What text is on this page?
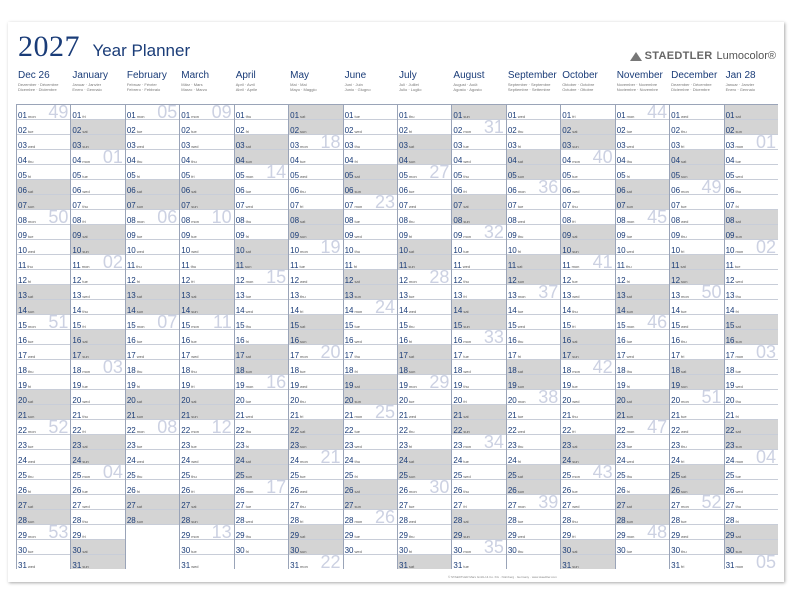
2027 Year Planner	STAEDTLER Lumocolor®
Dec 26
Dezember · Décembre
Dicembre · Diciembre
January
Januar · Janvier
Enero · Gennaio
February
Februar · Février
Febrero · Febbraio
March
März · Mars
Marzo · Marzo
April
April · Avril
Abril · Aprile
May
Mai · Mai
Mayo · Maggio
June
Juni · Juin
Junio · Giugno
July
Juli · Juillet
Julio · Luglio
August
August · Août
Agosto · Agosto
September
September · Septembre
Septiembre · Settembre
October
Oktober · Octobre
Octubre · Ottobre
November
November · Novembre
Noviembre · Novembre
December
Dezember · Décembre
Diciembre · Dicembre
Jan 28
Januar · Janvier
Enero · Gennaio
01mon 49
02tue
03wed
04thu
05fri
06sat
07sun
08mon 50
09tue
10wed
11thu
12fri
13sat
14sun
15mon 51
16tue
17wed
18thu
19fri
20sat
21sun
22mon 52
23tue
24wed
25thu
26fri
27sat
28sun
29mon 53
30tue
31wed
01fri
02sat
03sun
04mon 01
05tue
06wed
07thu
08fri
09sat
10sun
11mon 02
12tue
13wed
14thu
15fri
16sat
17sun
18mon 03
19tue
20wed
21thu
22fri
23sat
24sun
25mon 04
26tue
27wed
28thu
29fri
30sat
31sun
01mon 05
02tue
03wed
04thu
05fri
06sat
07sun
08mon 06
09tue
10wed
11thu
12fri
13sat
14sun
15mon 07
16tue
17wed
18thu
19fri
20sat
21sun
22mon 08
23tue
24wed
25thu
26fri
27sat
28sun
01mon 09
02tue
03wed
04thu
05fri
06sat
07sun
08mon 10
09tue
10wed
11thu
12fri
13sat
14sun
15mon 11
16tue
17wed
18thu
19fri
20sat
21sun
22mon 12
23tue
24wed
25thu
26fri
27sat
28sun
29mon 13
30tue
31wed
01thu
02fri
03sat
04sun
05mon 14
06tue
07wed
08thu
09fri
10sat
11sun
12mon 15
13tue
14wed
15thu
16fri
17sat
18sun
19mon 16
20tue
21wed
22thu
23fri
24sat
25sun
26mon 17
27tue
28wed
29thu
30fri
01sat
02sun
03mon 18
04tue
05wed
06thu
07fri
08sat
09sun
10mon 19
11tue
12wed
13thu
14fri
15sat
16sun
17mon 20
18tue
19wed
20thu
21fri
22sat
23sun
24mon 21
25tue
26wed
27thu
28fri
29sat
30sun
31mon 22
01tue
02wed
03thu
04fri
05sat
06sun
07mon 23
08tue
09wed
10thu
11fri
12sat
13sun
14mon 24
15tue
16wed
17thu
18fri
19sat
20sun
21mon 25
22tue
23wed
24thu
25fri
26sat
27sun
28mon 26
29tue
30wed
01thu
02fri
03sat
04sun
05mon 27
06tue
07wed
08thu
09fri
10sat
11sun
12mon 28
13tue
14wed
15thu
16fri
17sat
18sun
19mon 29
20tue
21wed
22thu
23fri
24sat
25sun
26mon 30
27tue
28wed
29thu
30fri
31sat
01sun
02mon 31
03tue
04wed
05thu
06fri
07sat
08sun
09mon 32
10tue
11wed
12thu
13fri
14sat
15sun
16mon 33
17tue
18wed
19thu
20fri
21sat
22sun
23mon 34
24tue
25wed
26thu
27fri
28sat
29sun
30mon 35
31tue
01wed
02thu
03fri
04sat
05sun
06mon 36
07tue
08wed
09thu
10fri
11sat
12sun
13mon 37
14tue
15wed
16thu
17fri
18sat
19sun
20mon 38
21tue
22wed
23thu
24fri
25sat
26sun
27mon 39
28tue
29wed
30thu
01fri
02sat
03sun
04mon 40
05tue
06wed
07thu
08fri
09sat
10sun
11mon 41
12tue
13wed
14thu
15fri
16sat
17sun
18mon 42
19tue
20wed
21thu
22fri
23sat
24sun
25mon 43
26tue
27wed
28thu
29fri
30sat
31sun
01mon 44
02tue
03wed
04thu
05fri
06sat
07sun
08mon 45
09tue
10wed
11thu
12fri
13sat
14sun
15mon 46
16tue
17wed
18thu
19fri
20sat
21sun
22mon 47
23tue
24wed
25thu
26fri
27sat
28sun
29mon 48
30tue
01wed
02thu
03fri
04sat
05sun
06mon 49
07tue
08wed
09thu
10fri
11sat
12sun
13mon 50
14tue
15wed
16thu
17fri
18sat
19sun
20mon 51
21tue
22wed
23thu
24fri
25sat
26sun
27mon 52
28tue
29wed
30thu
31fri
01sat
02sun
03mon 01
04tue
05wed
06thu
07fri
08sat
09sun
10mon 02
11tue
12wed
13thu
14fri
15sat
16sun
17mon 03
18tue
19wed
20thu
21fri
22sat
23sun
24mon 04
25tue
26wed
27thu
28fri
29sat
30sun
31mon 05
© STAEDTLER Mars GmbH & Co. KG · Nürnberg · Germany · www.staedtler.com
